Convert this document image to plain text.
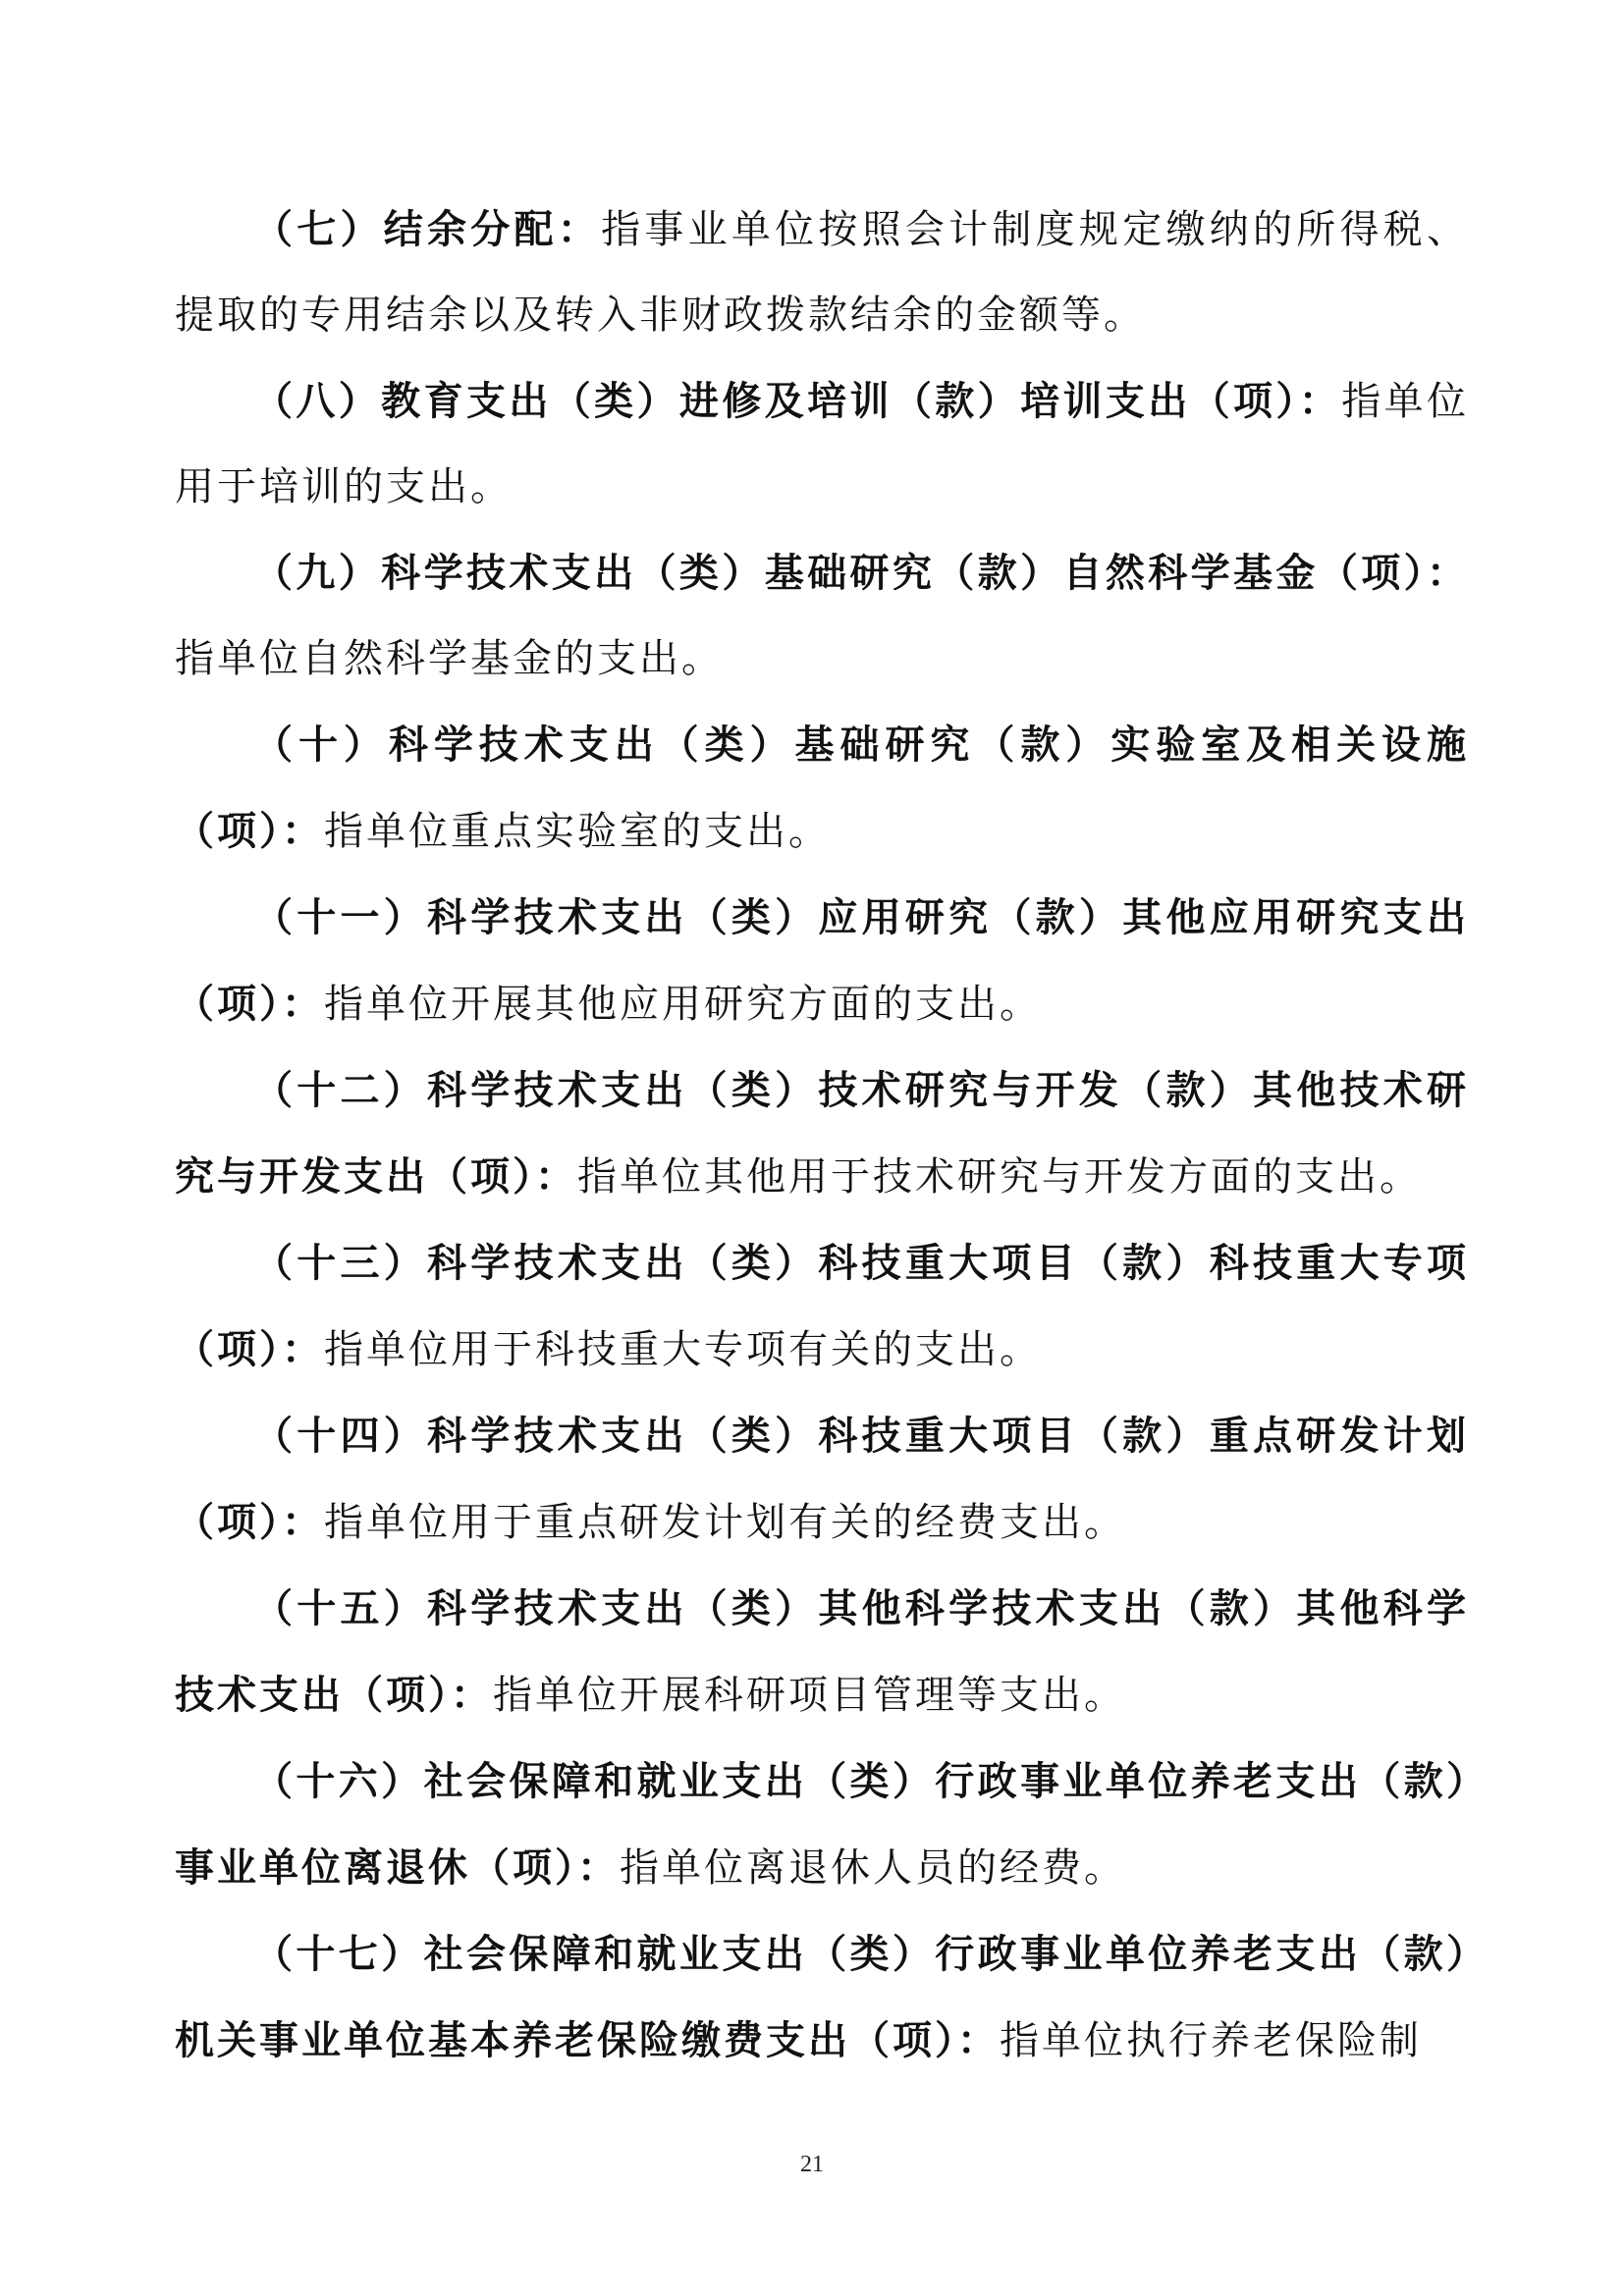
（七）结余分配：指事业单位按照会计制度规定缴纳的所得税、提取的专用结余以及转入非财政拨款结余的金额等。

（八）教育支出（类）进修及培训（款）培训支出（项）：指单位用于培训的支出。

（九）科学技术支出（类）基础研究（款）自然科学基金（项）：指单位自然科学基金的支出。

（十）科学技术支出（类）基础研究（款）实验室及相关设施（项）：指单位重点实验室的支出。

（十一）科学技术支出（类）应用研究（款）其他应用研究支出（项）：指单位开展其他应用研究方面的支出。

（十二）科学技术支出（类）技术研究与开发（款）其他技术研究与开发支出（项）：指单位其他用于技术研究与开发方面的支出。

（十三）科学技术支出（类）科技重大项目（款）科技重大专项（项）：指单位用于科技重大专项有关的支出。

（十四）科学技术支出（类）科技重大项目（款）重点研发计划（项）：指单位用于重点研发计划有关的经费支出。

（十五）科学技术支出（类）其他科学技术支出（款）其他科学技术支出（项）：指单位开展科研项目管理等支出。

（十六）社会保障和就业支出（类）行政事业单位养老支出（款）事业单位离退休（项）：指单位离退休人员的经费。

（十七）社会保障和就业支出（类）行政事业单位养老支出（款）机关事业单位基本养老保险缴费支出（项）：指单位执行养老保险制

21
